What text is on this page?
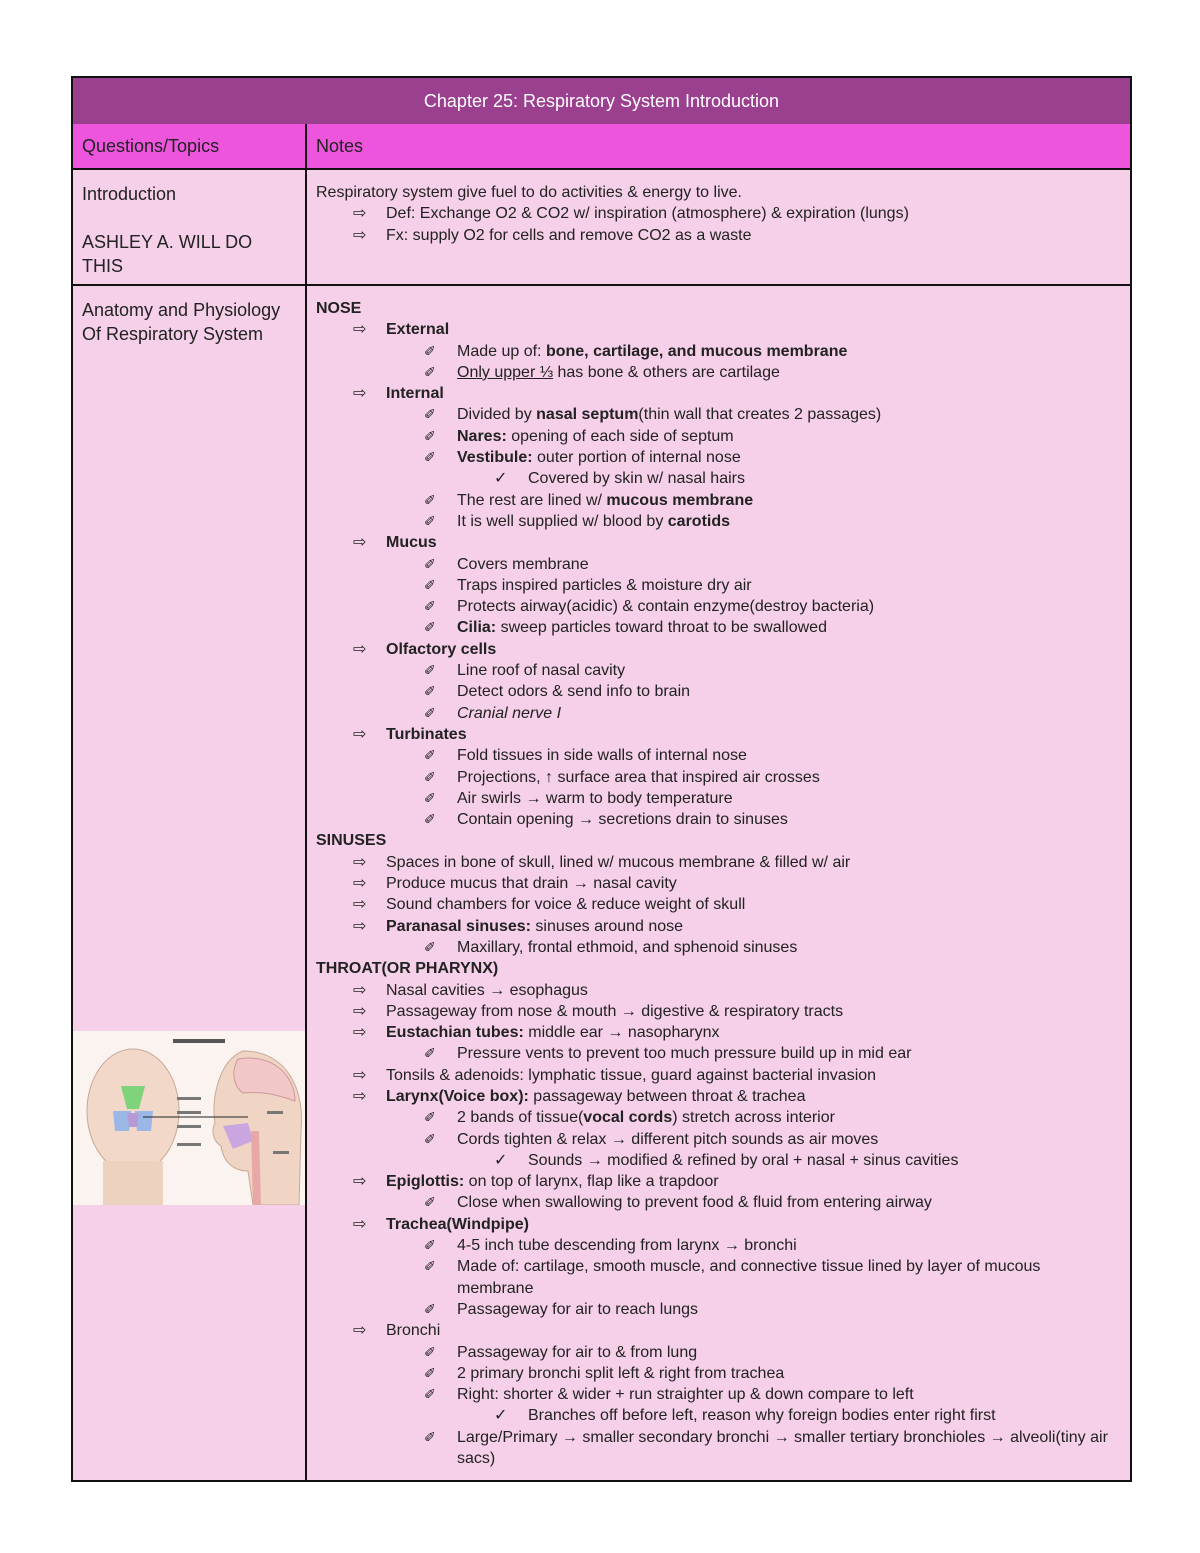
Chapter 25: Respiratory System Introduction
Questions/Topics	Notes
Introduction
ASHLEY A. WILL DO THIS
Respiratory system give fuel to do activities & energy to live.
⇨ Def: Exchange O2 & CO2 w/ inspiration (atmosphere) & expiration (lungs)
⇨ Fx: supply O2 for cells and remove CO2 as a waste
Anatomy and Physiology Of Respiratory System
NOSE
⇨ External
✐ Made up of: bone, cartilage, and mucous membrane
✐ Only upper ⅓ has bone & others are cartilage
⇨ Internal
✐ Divided by nasal septum(thin wall that creates 2 passages)
✐ Nares: opening of each side of septum
✐ Vestibule: outer portion of internal nose
✓ Covered by skin w/ nasal hairs
✐ The rest are lined w/ mucous membrane
✐ It is well supplied w/ blood by carotids
⇨ Mucus
✐ Covers membrane
✐ Traps inspired particles & moisture dry air
✐ Protects airway(acidic) & contain enzyme(destroy bacteria)
✐ Cilia: sweep particles toward throat to be swallowed
⇨ Olfactory cells
✐ Line roof of nasal cavity
✐ Detect odors & send info to brain
✐ Cranial nerve I
⇨ Turbinates
✐ Fold tissues in side walls of internal nose
✐ Projections, ↑ surface area that inspired air crosses
✐ Air swirls → warm to body temperature
✐ Contain opening → secretions drain to sinuses
SINUSES
⇨ Spaces in bone of skull, lined w/ mucous membrane & filled w/ air
⇨ Produce mucus that drain → nasal cavity
⇨ Sound chambers for voice & reduce weight of skull
⇨ Paranasal sinuses: sinuses around nose
✐ Maxillary, frontal ethmoid, and sphenoid sinuses
THROAT(OR PHARYNX)
⇨ Nasal cavities → esophagus
⇨ Passageway from nose & mouth → digestive & respiratory tracts
⇨ Eustachian tubes: middle ear → nasopharynx
✐ Pressure vents to prevent too much pressure build up in mid ear
⇨ Tonsils & adenoids: lymphatic tissue, guard against bacterial invasion
⇨ Larynx(Voice box): passageway between throat & trachea
✐ 2 bands of tissue(vocal cords) stretch across interior
✐ Cords tighten & relax → different pitch sounds as air moves
✓ Sounds → modified & refined by oral + nasal + sinus cavities
⇨ Epiglottis: on top of larynx, flap like a trapdoor
✐ Close when swallowing to prevent food & fluid from entering airway
⇨ Trachea(Windpipe)
✐ 4-5 inch tube descending from larynx → bronchi
✐ Made of: cartilage, smooth muscle, and connective tissue lined by layer of mucous membrane
✐ Passageway for air to reach lungs
⇨ Bronchi
✐ Passageway for air to & from lung
✐ 2 primary bronchi split left & right from trachea
✐ Right: shorter & wider + run straighter up & down compare to left
✓ Branches off before left, reason why foreign bodies enter right first
✐ Large/Primary → smaller secondary bronchi → smaller tertiary bronchioles → alveoli(tiny air sacs)
